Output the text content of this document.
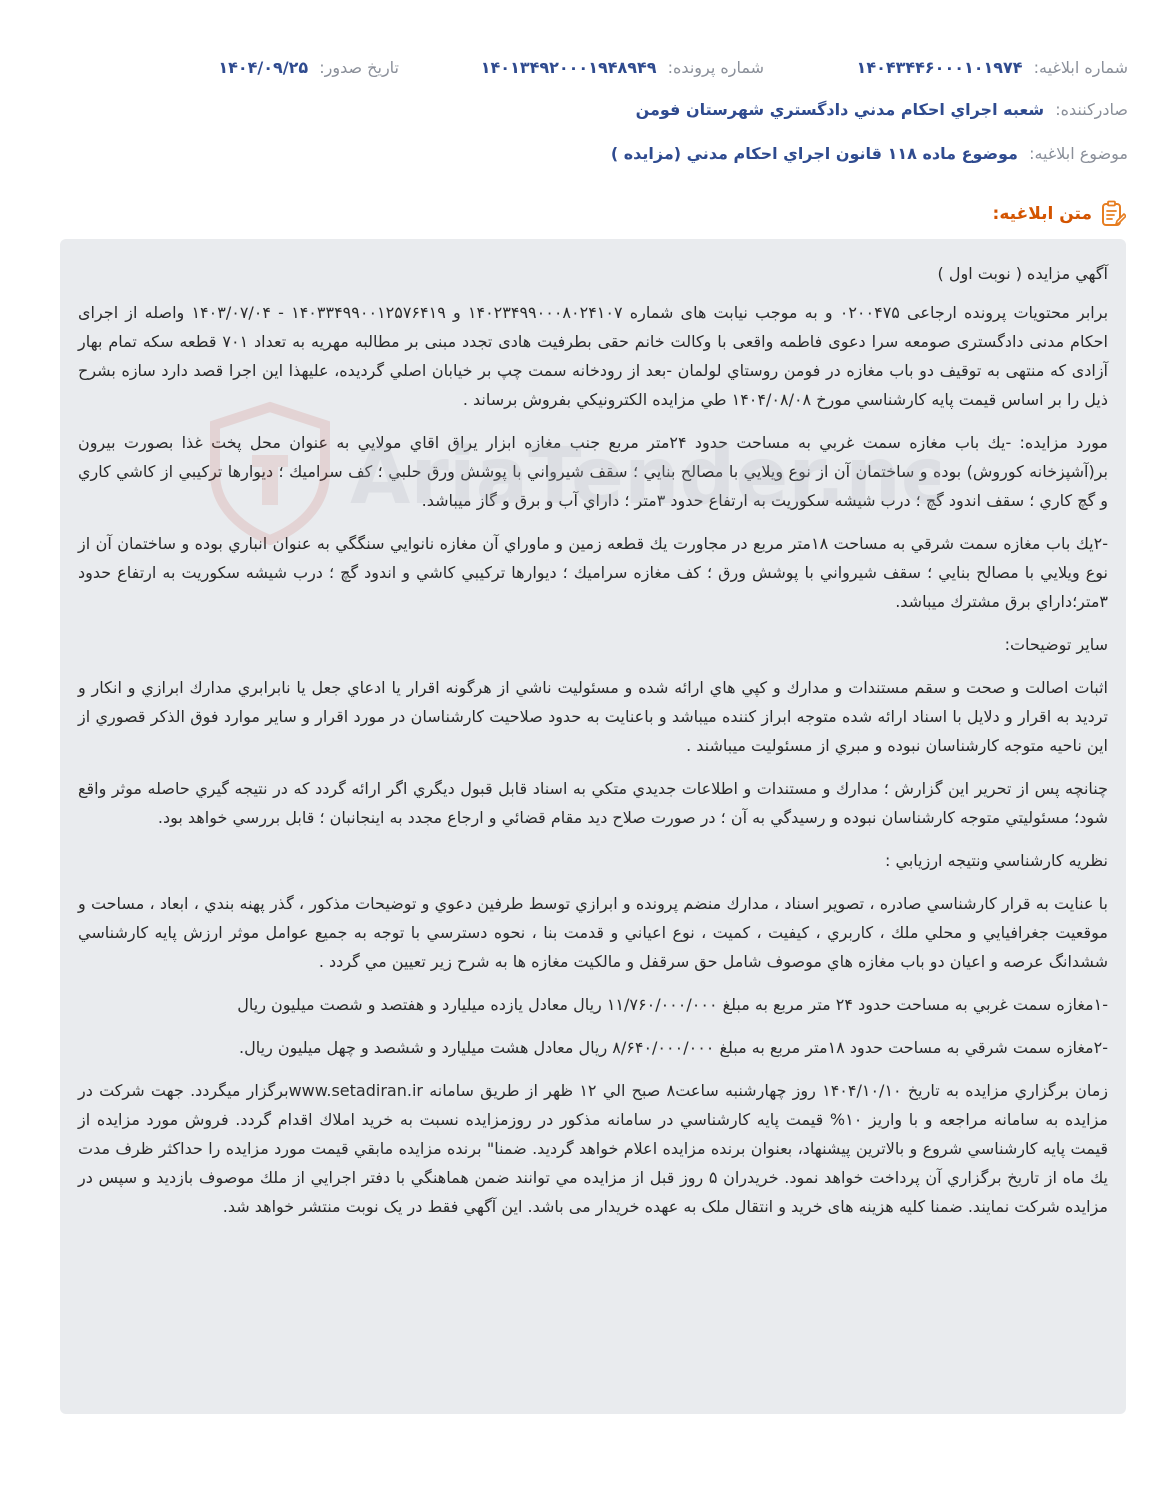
شماره ابلاغیه: ۱۴۰۴۳۴۴۶۰۰۰۱۰۱۹۷۴
شماره پرونده: ۱۴۰۱۳۴۹۲۰۰۰۱۹۴۸۹۴۹
تاریخ صدور: ۱۴۰۴/۰۹/۲۵
صادرکننده: شعبه اجراي احكام مدني دادگستري شهرستان فومن
موضوع ابلاغیه: موضوع ماده ۱۱۸ قانون اجراي احكام مدني (مزايده )
متن ابلاغیه:

آگهي مزايده ( نوبت اول )

برابر محتويات پرونده ارجاعی ۰۲۰۰۴۷۵ و به موجب نيابت های شماره ۱۴۰۲۳۴۹۹۰۰۰۸۰۲۴۱۰۷ و ۱۴۰۳۳۴۹۹۰۰۱۲۵۷۶۴۱۹ - ۱۴۰۳/۰۷/۰۴ واصله از اجرای احکام مدنی دادگستری صومعه سرا دعوی فاطمه واقعی با وکالت خانم حقی بطرفیت هادی تجدد مبنی بر مطالبه مهریه به تعداد ۷۰۱ قطعه سکه تمام بهار آزادی که منتهی به توقیف دو باب مغازه در فومن روستاي لولمان -بعد از رودخانه سمت چپ بر خيابان اصلي گرديده، عليهذا اين اجرا قصد دارد سازه بشرح ذيل را بر اساس قيمت پايه كارشناسي مورخ ۱۴۰۴/۰۸/۰۸ طي مزايده الكترونيكي بفروش برساند .

مورد مزايده: -يك باب مغازه سمت غربي به مساحت حدود ۲۴متر مربع جنب مغازه ابزار يراق اقاي مولايي به عنوان محل پخت غذا بصورت بيرون بر(آشپزخانه كوروش) بوده و ساختمان آن از نوع ويلايي با مصالح بنايي ؛ سقف شيرواني با پوشش ورق حلبي ؛ كف سراميك ؛ ديوارها تركيبي از كاشي كاري و گچ كاري ؛ سقف اندود گچ ؛ درب شيشه سكوريت به ارتفاع حدود ۳متر ؛ داراي آب و برق و گاز ميباشد.

-۲يك باب مغازه سمت شرقي به مساحت ۱۸متر مربع در مجاورت يك قطعه زمين و ماوراي آن مغازه نانوايي سنگگي به عنوان انباري بوده و ساختمان آن از نوع ويلايي با مصالح بنايي ؛ سقف شيرواني با پوشش ورق ؛ كف مغازه سراميك ؛ ديوارها تركيبي كاشي و اندود گچ ؛ درب شيشه سكوريت به ارتفاع حدود ۳متر؛داراي برق مشترك ميباشد.

ساير توضيحات:

اثبات اصالت و صحت و سقم مستندات و مدارك و كپي هاي ارائه شده و مسئوليت ناشي از هرگونه اقرار يا ادعاي جعل يا نابرابري مدارك ابرازي و انكار و ترديد به اقرار و دلايل با اسناد ارائه شده متوجه ابراز كننده ميباشد و باعنايت به حدود صلاحيت كارشناسان در مورد اقرار و ساير موارد فوق الذكر قصوري از اين ناحيه متوجه كارشناسان نبوده و مبري از مسئوليت ميباشند .

چنانچه پس از تحرير اين گزارش ؛ مدارك و مستندات و اطلاعات جديدي متكي به اسناد قابل قبول ديگري اگر ارائه گردد كه در نتيجه گيري حاصله موثر واقع شود؛ مسئوليتي متوجه كارشناسان نبوده و رسيدگي به آن ؛ در صورت صلاح ديد مقام قضائي و ارجاع مجدد به اينجانبان ؛ قابل بررسي خواهد بود.

نظريه كارشناسي ونتيجه ارزيابي :

با عنايت به قرار كارشناسي صادره ، تصوير اسناد ، مدارك منضم پرونده و ابرازي توسط طرفين دعوي و توضيحات مذكور ، گذر پهنه بندي ، ابعاد ، مساحت و موقعيت جغرافيايي و محلي ملك ، كاربري ، كيفيت ، كميت ، نوع اعياني و قدمت بنا ، نحوه دسترسي با توجه به جميع عوامل موثر ارزش پايه كارشناسي ششدانگ عرصه و اعيان دو باب مغازه هاي موصوف شامل حق سرقفل و مالكيت مغازه ها به شرح زير تعيين مي گردد .

-۱مغازه سمت غربي به مساحت حدود ۲۴ متر مربع به مبلغ ۱۱/۷۶۰/۰۰۰/۰۰۰ ريال معادل يازده ميليارد و هفتصد و شصت ميليون ريال

-۲مغازه سمت شرقي به مساحت حدود ۱۸متر مربع به مبلغ ۸/۶۴۰/۰۰۰/۰۰۰ ريال معادل هشت ميليارد و ششصد و چهل ميليون ريال.

زمان برگزاري مزايده به تاريخ ۱۴۰۴/۱۰/۱۰ روز چهارشنبه ساعت۸ صبح الي ۱۲ ظهر از طريق سامانه www.setadiran.irبرگزار ميگردد. جهت شركت در مزايده به سامانه مراجعه و با واريز ۱۰% قيمت پايه كارشناسي در سامانه مذكور در روزمزايده نسبت به خريد املاك اقدام گردد. فروش مورد مزايده از قيمت پايه كارشناسي شروع و بالاترين پيشنهاد، بعنوان برنده مزايده اعلام خواهد گرديد. ضمنا" برنده مزايده مابقي قيمت مورد مزايده را حداكثر ظرف مدت يك ماه از تاريخ برگزاري آن پرداخت خواهد نمود. خريدران ۵ روز قبل از مزايده مي توانند ضمن هماهنگي با دفتر اجرايي از ملك موصوف بازديد و سپس در مزايده شركت نمايند. ضمنا كليه هزينه های خريد و انتقال ملک به عهده خريدار می باشد. اين آگهي فقط در یک نوبت منتشر خواهد شد.

AriaTender.ne
